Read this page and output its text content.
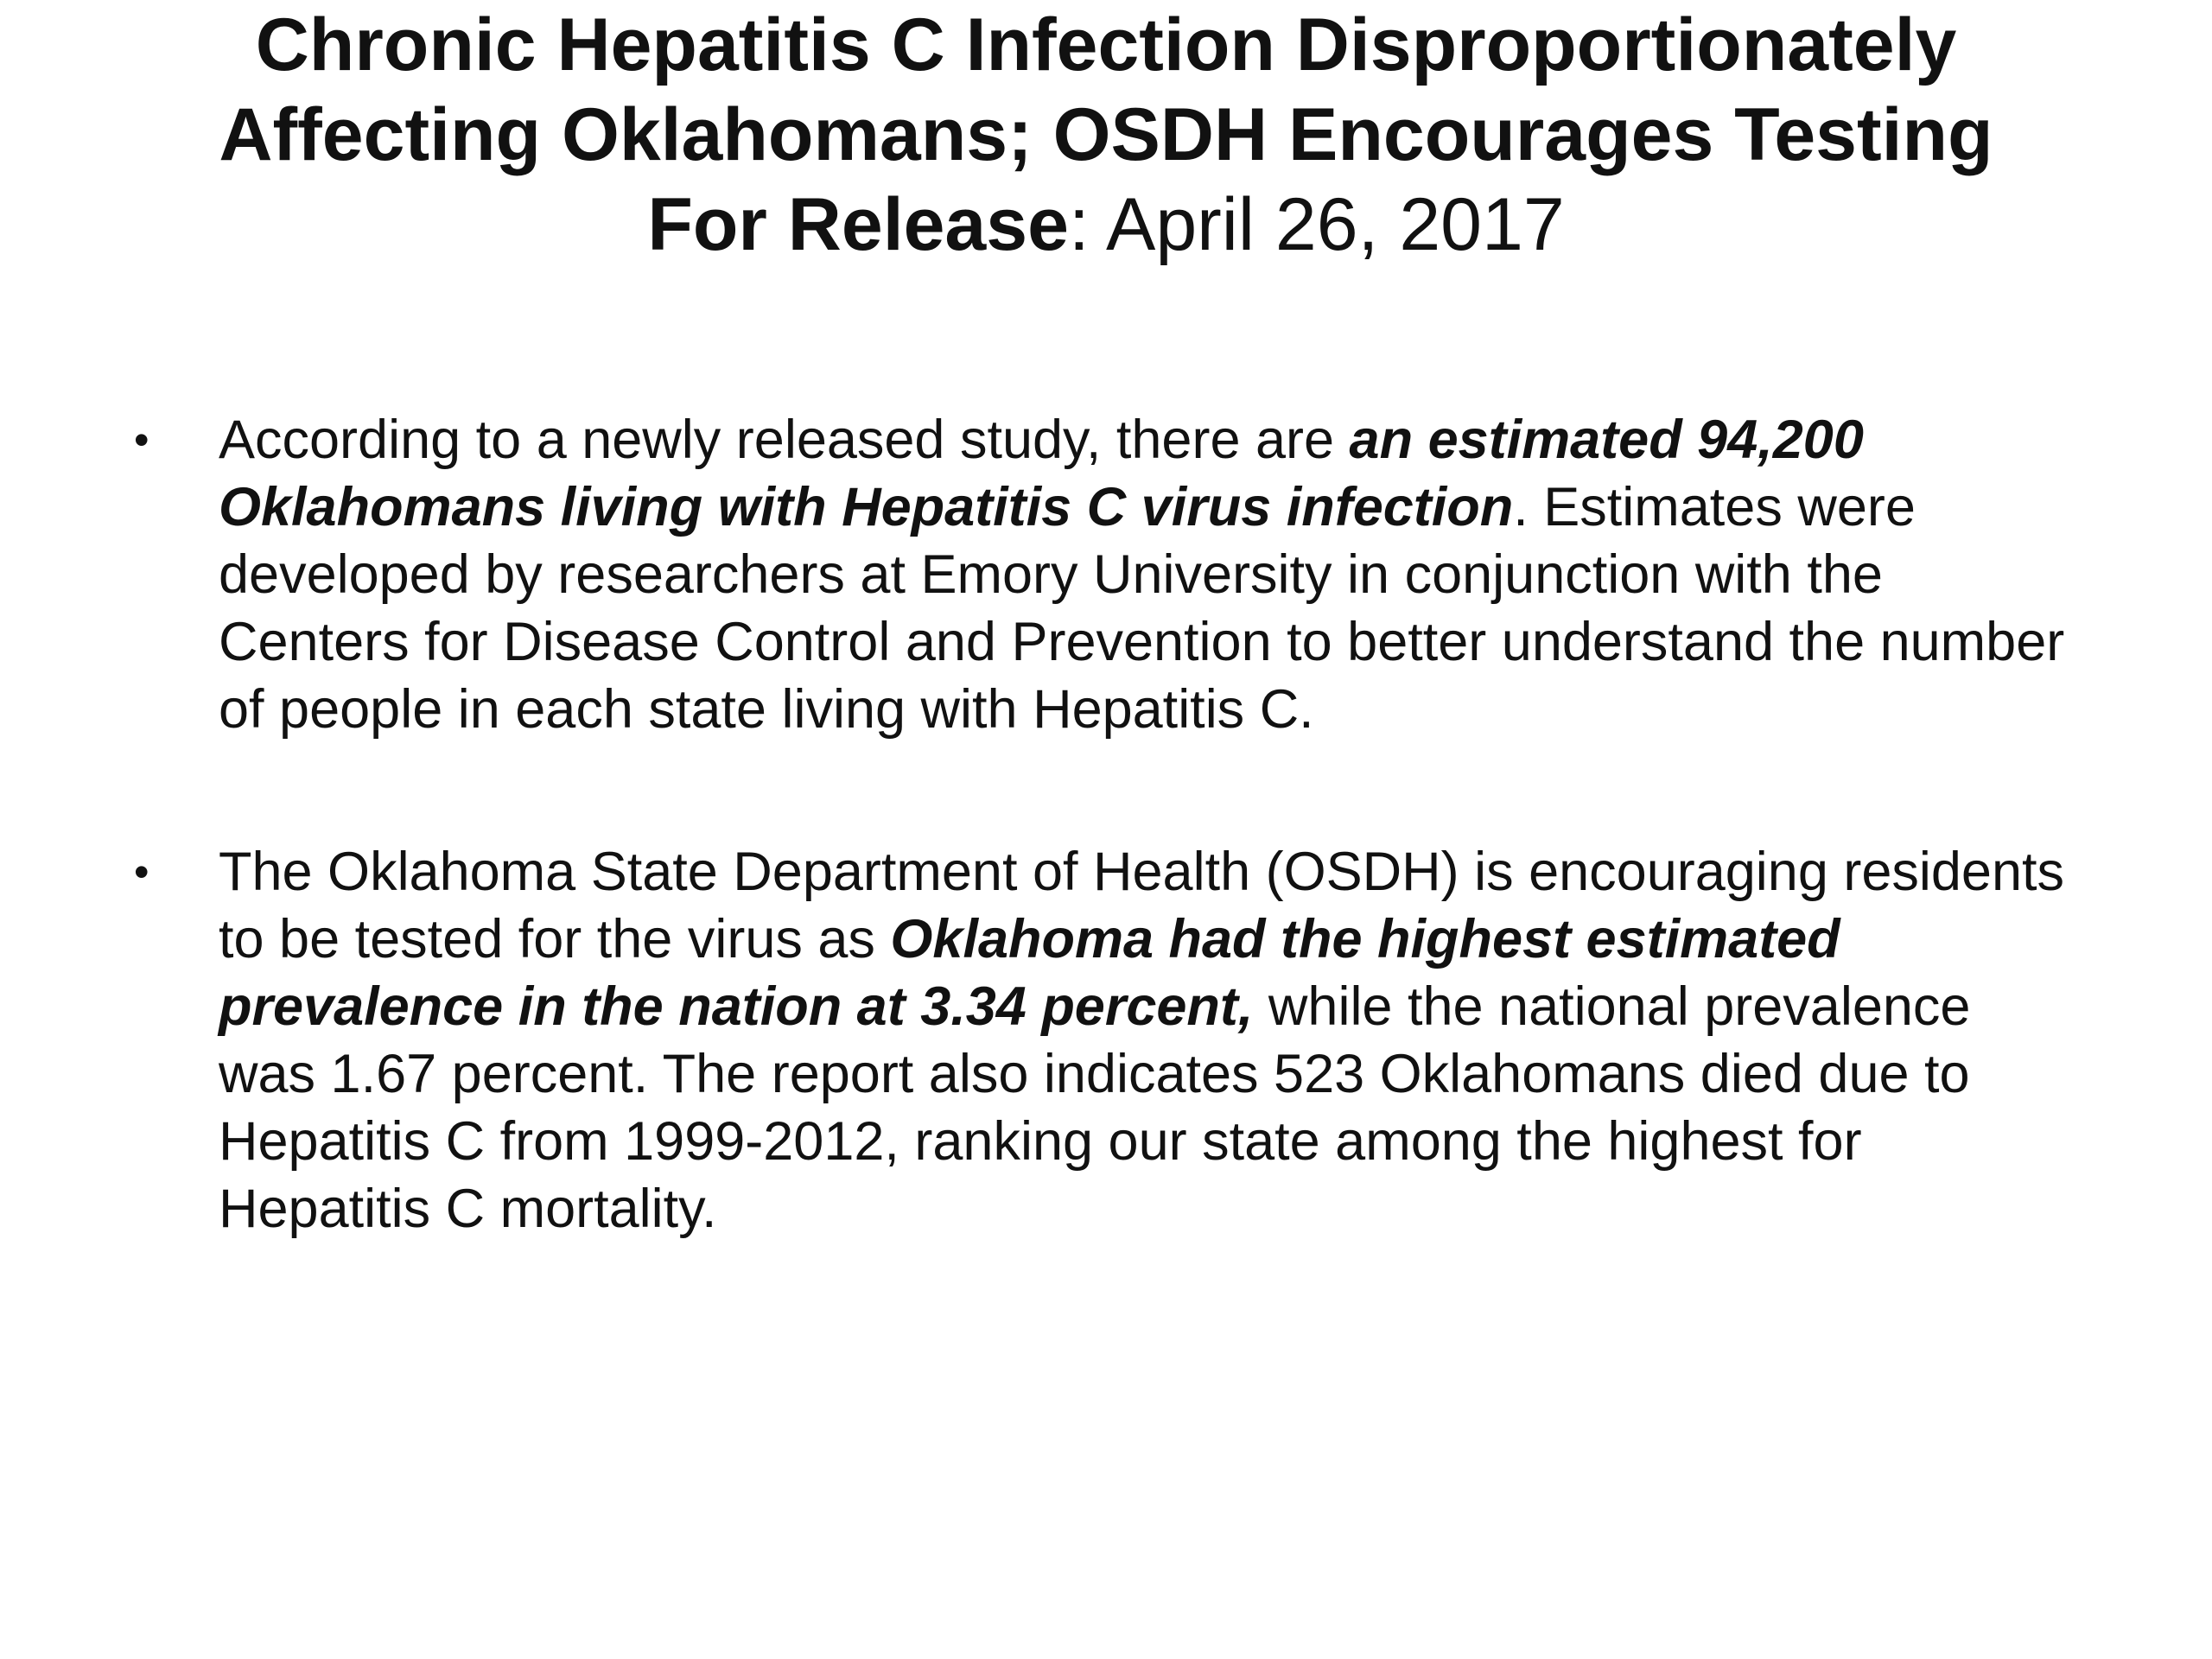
Chronic Hepatitis C Infection Disproportionately
Affecting Oklahomans; OSDH Encourages Testing
For Release: April 26, 2017
• According to a newly released study, there are an estimated 94,200 Oklahomans living with Hepatitis C virus infection. Estimates were developed by researchers at Emory University in conjunction with the Centers for Disease Control and Prevention to better understand the number of people in each state living with Hepatitis C.
• The Oklahoma State Department of Health (OSDH) is encouraging residents to be tested for the virus as Oklahoma had the highest estimated prevalence in the nation at 3.34 percent, while the national prevalence was 1.67 percent. The report also indicates 523 Oklahomans died due to Hepatitis C from 1999-2012, ranking our state among the highest for Hepatitis C mortality.
